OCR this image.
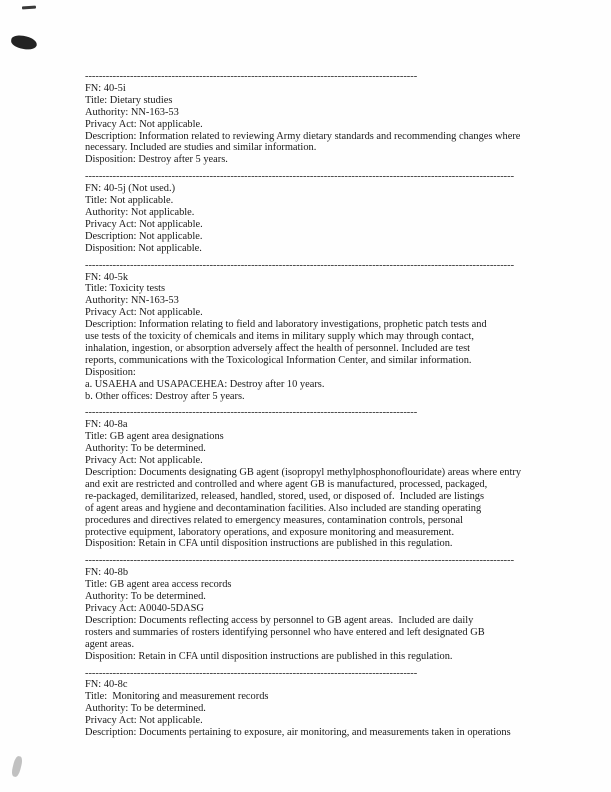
------------------------------------------------------------------------------------------------
FN: 40-5i
Title: Dietary studies
Authority: NN-163-53
Privacy Act: Not applicable.
Description: Information related to reviewing Army dietary standards and recommending changes where
necessary. Included are studies and similar information.
Disposition: Destroy after 5 years.
----------------------------------------------------------------------------------------------------------------------------
FN: 40-5j (Not used.)
Title: Not applicable.
Authority: Not applicable.
Privacy Act: Not applicable.
Description: Not applicable.
Disposition: Not applicable.
----------------------------------------------------------------------------------------------------------------------------
FN: 40-5k
Title: Toxicity tests
Authority: NN-163-53
Privacy Act: Not applicable.
Description: Information relating to field and laboratory investigations, prophetic patch tests and
use tests of the toxicity of chemicals and items in military supply which may through contact,
inhalation, ingestion, or absorption adversely affect the health of personnel. Included are test
reports, communications with the Toxicological Information Center, and similar information.
Disposition:
a. USAEHA and USAPACEHEA: Destroy after 10 years.
b. Other offices: Destroy after 5 years.
------------------------------------------------------------------------------------------------
FN: 40-8a
Title: GB agent area designations
Authority: To be determined.
Privacy Act: Not applicable.
Description: Documents designating GB agent (isopropyl methylphosphonoflouridate) areas where entry
and exit are restricted and controlled and where agent GB is manufactured, processed, packaged,
re-packaged, demilitarized, released, handled, stored, used, or disposed of.  Included are listings
of agent areas and hygiene and decontamination facilities. Also included are standing operating
procedures and directives related to emergency measures, contamination controls, personal
protective equipment, laboratory operations, and exposure monitoring and measurement.
Disposition: Retain in CFA until disposition instructions are published in this regulation.
----------------------------------------------------------------------------------------------------------------------------
FN: 40-8b
Title: GB agent area access records
Authority: To be determined.
Privacy Act: A0040-5DASG
Description: Documents reflecting access by personnel to GB agent areas.  Included are daily
rosters and summaries of rosters identifying personnel who have entered and left designated GB
agent areas.
Disposition: Retain in CFA until disposition instructions are published in this regulation.
------------------------------------------------------------------------------------------------
FN: 40-8c
Title:  Monitoring and measurement records
Authority: To be determined.
Privacy Act: Not applicable.
Description: Documents pertaining to exposure, air monitoring, and measurements taken in operations
